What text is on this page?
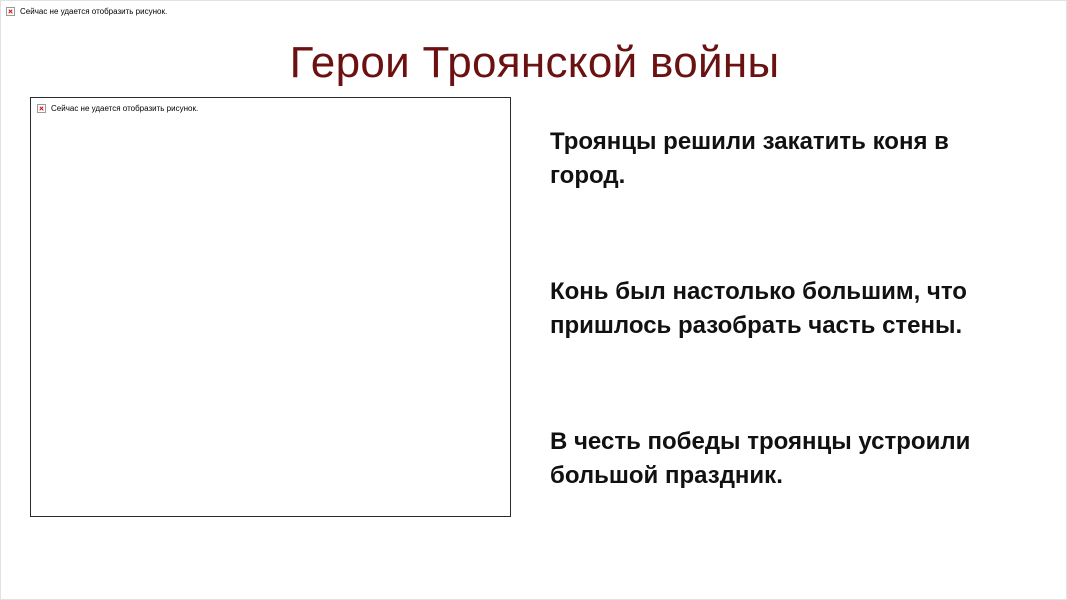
Сейчас не удается отобразить рисунок.
Герои Троянской войны
Сейчас не удается отобразить рисунок.

Троянцы решили закатить коня в город.

Конь был настолько большим, что пришлось разобрать часть стены.

В честь победы троянцы устроили большой праздник.
